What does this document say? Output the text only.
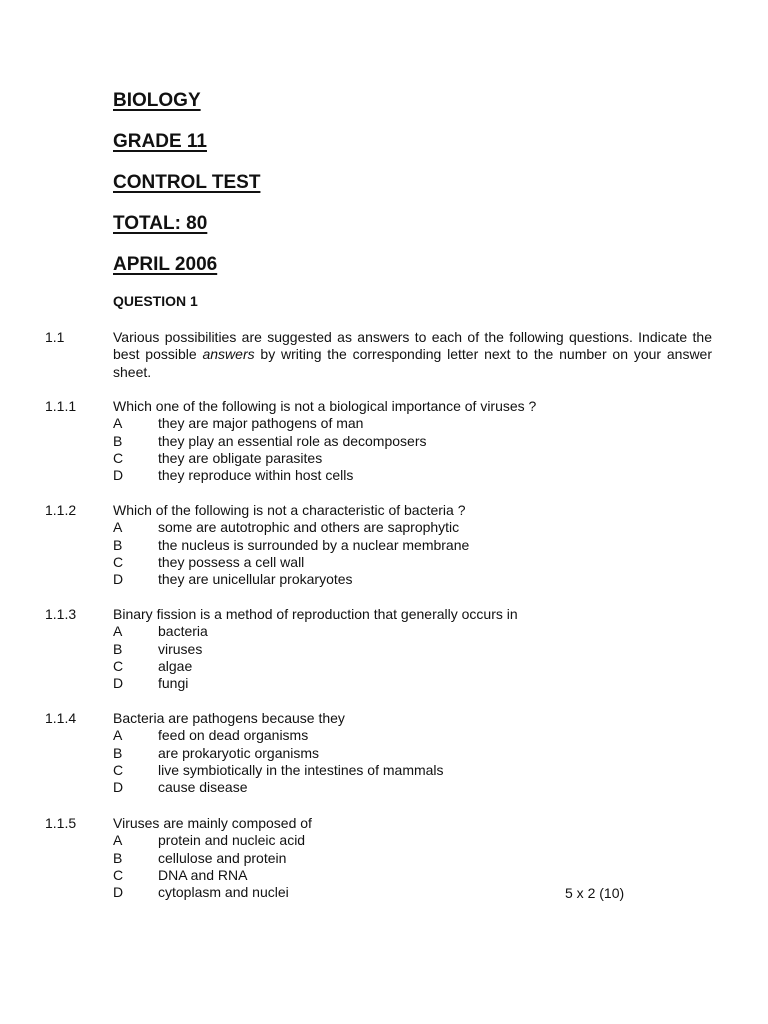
BIOLOGY
GRADE 11
CONTROL TEST
TOTAL: 80
APRIL 2006
QUESTION 1
1.1	Various possibilities are suggested as answers to each of the following questions. Indicate the best possible answers by writing the corresponding letter next to the number on your answer sheet.
1.1.1	Which one of the following is not a biological importance of viruses ?
A	they are major pathogens of man
B	they play an essential role as decomposers
C	they are obligate parasites
D	they reproduce within host cells
1.1.2	Which of the following is not a characteristic of bacteria ?
A	some are autotrophic and others are saprophytic
B	the nucleus is surrounded by a nuclear membrane
C	they possess a cell wall
D	they are unicellular prokaryotes
1.1.3	Binary fission is a method of reproduction that generally occurs in
A	bacteria
B	viruses
C	algae
D	fungi
1.1.4	Bacteria are pathogens because they
A	feed on dead organisms
B	are prokaryotic organisms
C	live symbiotically in the intestines of mammals
D	cause disease
1.1.5	Viruses are mainly composed of
A	protein and nucleic acid
B	cellulose and protein
C	DNA and RNA
D	cytoplasm and nuclei	5 x 2 (10)
